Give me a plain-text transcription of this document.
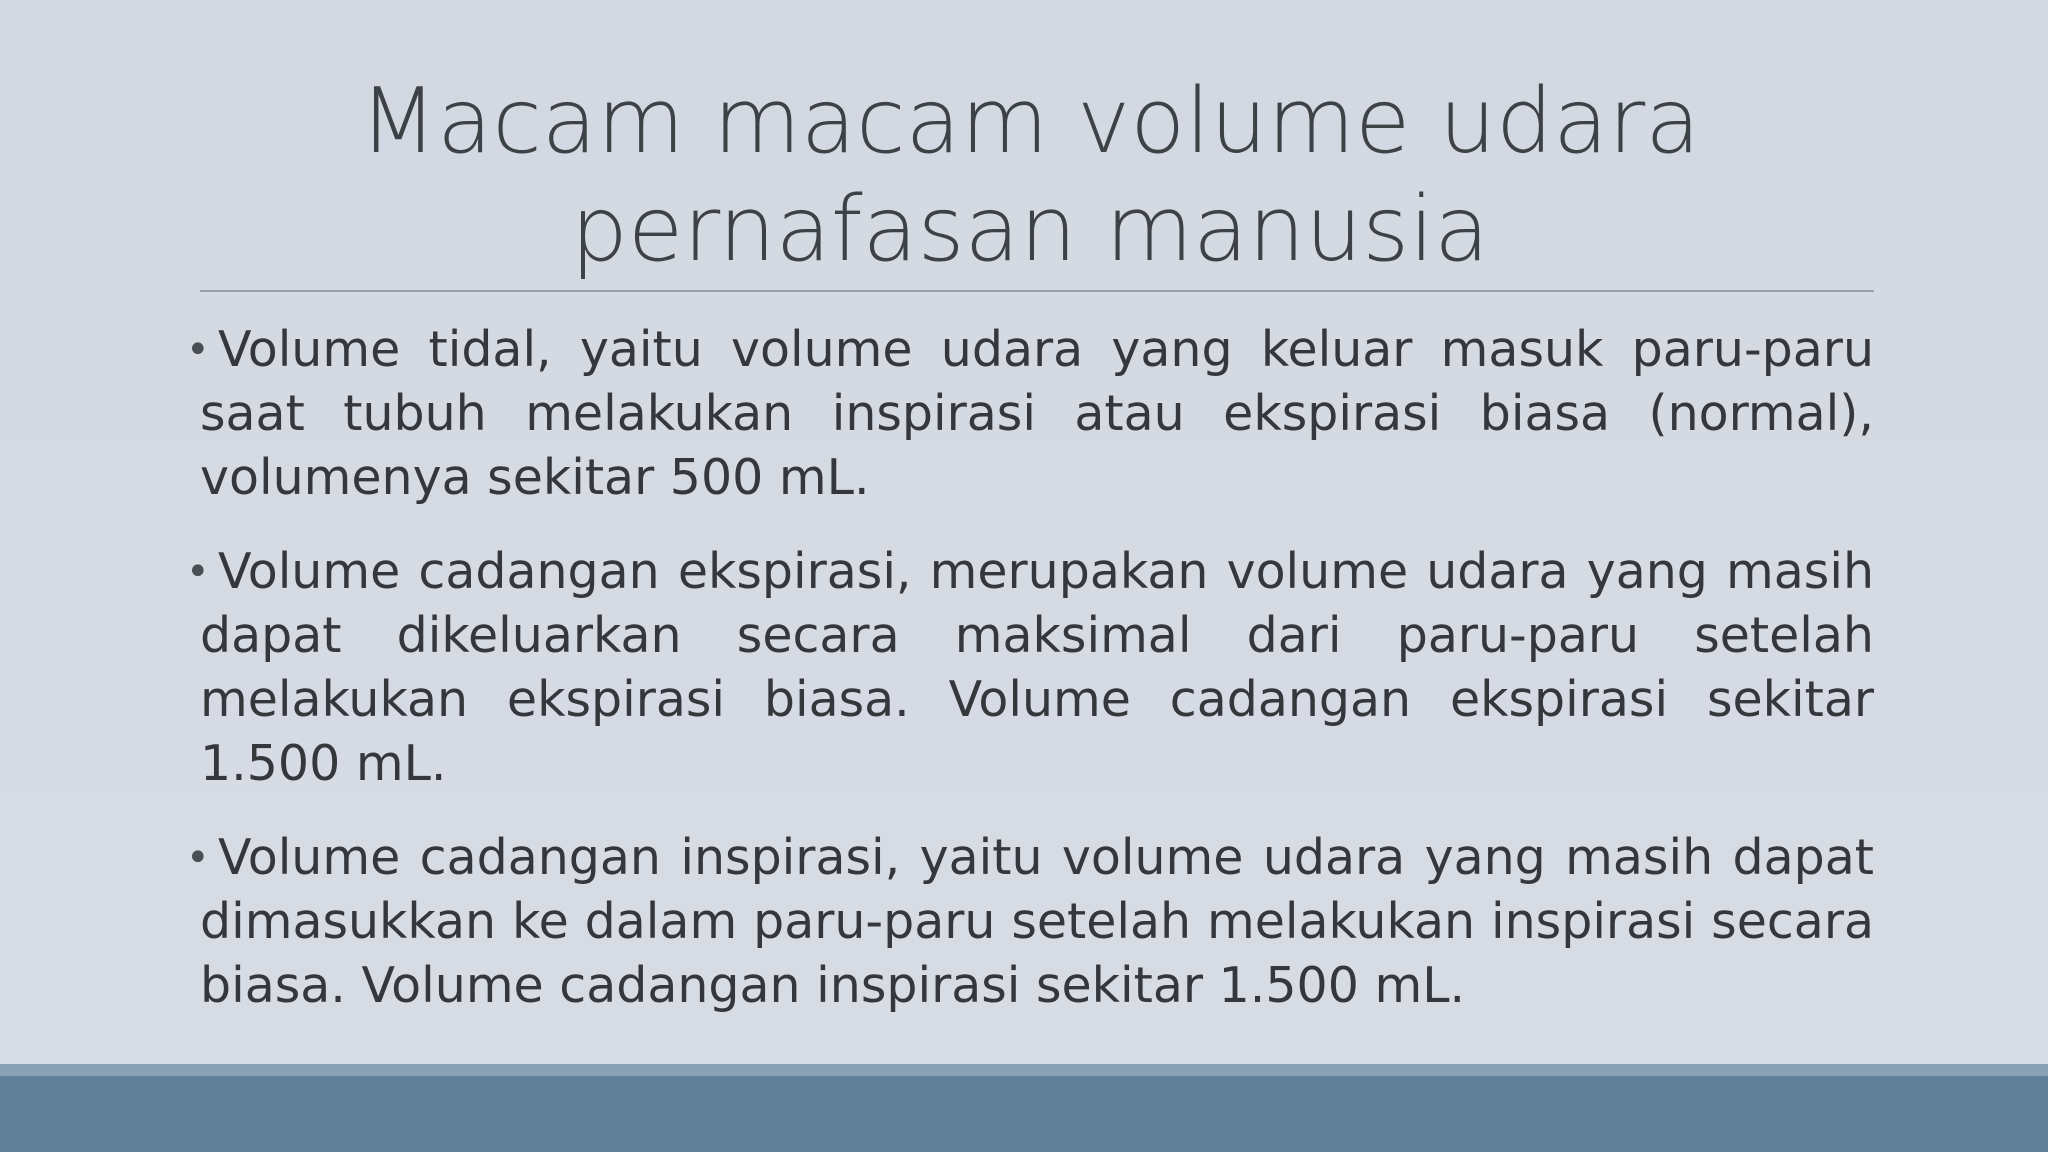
Macam macam volume udara
pernafasan manusia
• Volume tidal, yaitu volume udara yang keluar masuk paru-paru saat tubuh melakukan inspirasi atau ekspirasi biasa (normal), volumenya sekitar 500 mL.
• Volume cadangan ekspirasi, merupakan volume udara yang masih dapat dikeluarkan secara maksimal dari paru-paru setelah melakukan ekspirasi biasa. Volume cadangan ekspirasi sekitar 1.500 mL.
• Volume cadangan inspirasi, yaitu volume udara yang masih dapat dimasukkan ke dalam paru-paru setelah melakukan inspirasi secara biasa. Volume cadangan inspirasi sekitar 1.500 mL.
